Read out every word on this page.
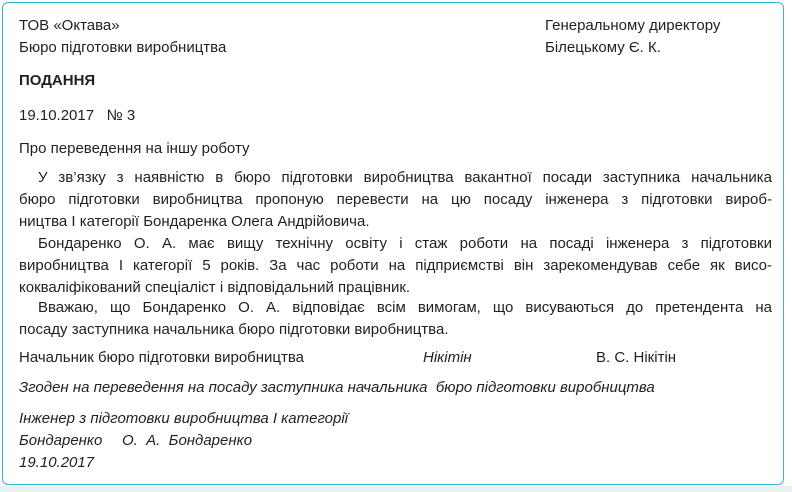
ТОВ «Октава»
Бюро підготовки виробництва
Генеральному директору
Білецькому Є. К.
ПОДАННЯ
19.10.2017   № 3
Про переведення на іншу роботу
У зв’язку з наявністю в бюро підготовки виробництва вакантної посади заступника начальника
бюро підготовки виробництва пропоную перевести на цю посаду інженера з підготовки вироб-
ництва І категорії Бондаренка Олега Андрійовича.
Бондаренко О. А. має вищу технічну освіту і стаж роботи на посаді інженера з підготовки
виробництва І категорії 5 років. За час роботи на підприємстві він зарекомендував себе як висо-
кокваліфікований спеціаліст і відповідальний працівник.
Вважаю, що Бондаренко О. А. відповідає всім вимогам, що висуваються до претендента на
посаду заступника начальника бюро підготовки виробництва.
Начальник бюро підготовки виробництва	Нікітін	В. С. Нікітін
Згоден на переведення на посаду заступника начальника  бюро підготовки виробництва
Інженер з підготовки виробництва І категорії
Бондаренко О.  А.  Бондаренко
19.10.2017
